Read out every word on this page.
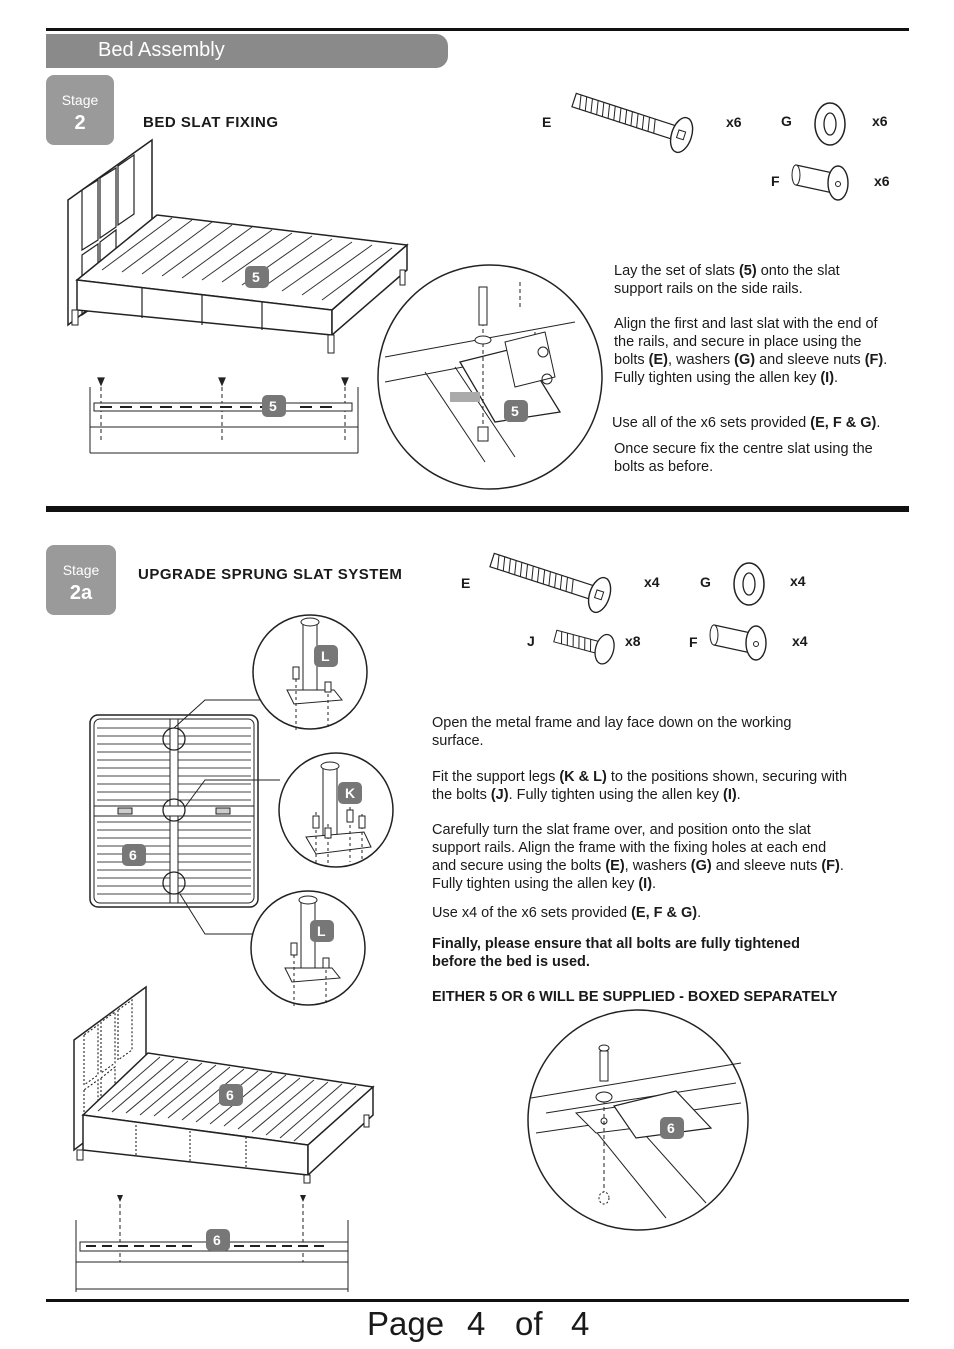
Bed Assembly
Stage
2	BED SLAT FIXING	E	x6	G	x6
F	x6
5
5	5
Lay the set of slats (5) onto the slat support rails on the side rails.
Align the first and last slat with the end of the rails, and secure in place using the bolts (E), washers (G) and sleeve nuts (F). Fully tighten using the allen key (I).
Use all of the x6 sets provided (E, F & G).
Once secure fix the centre slat using the bolts as before.
Stage
2a
UPGRADE SPRUNG SLAT SYSTEM	E	x4	G	x4
J	x8	F	x4
6
L
K
L
6
6
Open the metal frame and lay face down on the working surface.
Fit the support legs (K & L) to the positions shown, securing with the bolts (J). Fully tighten using the allen key (I).
Carefully turn the slat frame over, and position onto the slat support rails. Align the frame with the fixing holes at each end and secure using the bolts (E), washers (G) and sleeve nuts (F). Fully tighten using the allen key (I).
Use x4 of the x6 sets provided (E, F & G).
Finally, please ensure that all bolts are fully tightened before the bed is used.
EITHER 5 OR 6 WILL BE SUPPLIED - BOXED SEPARATELY
6
Page 4 of 4
